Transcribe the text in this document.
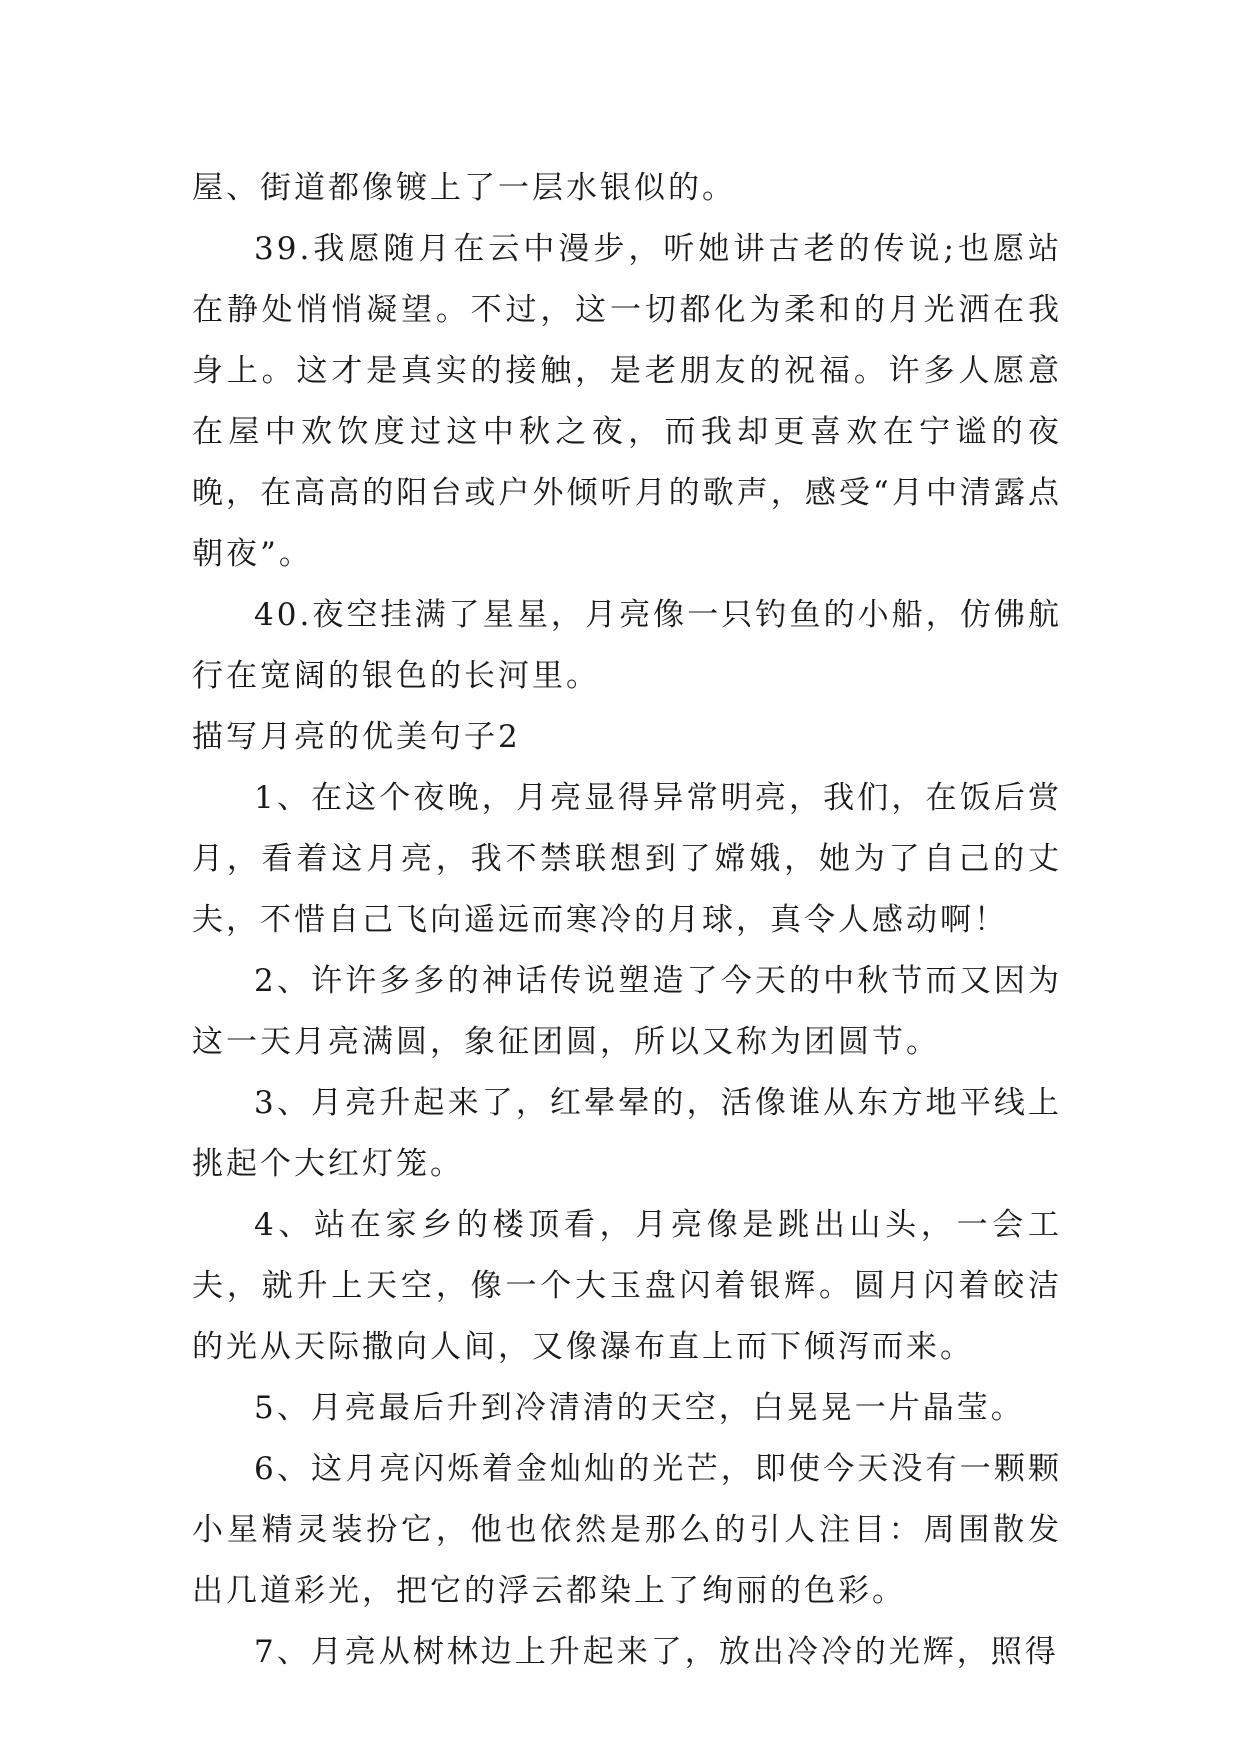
屋、街道都像镀上了一层水银似的。

39.我愿随月在云中漫步，听她讲古老的传说;也愿站在静处悄悄凝望。不过，这一切都化为柔和的月光洒在我身上。这才是真实的接触，是老朋友的祝福。许多人愿意在屋中欢饮度过这中秋之夜，而我却更喜欢在宁谧的夜晚，在高高的阳台或户外倾听月的歌声，感受“月中清露点朝夜”。

40.夜空挂满了星星，月亮像一只钓鱼的小船，仿佛航行在宽阔的银色的长河里。

描写月亮的优美句子2

1、在这个夜晚，月亮显得异常明亮，我们，在饭后赏月，看着这月亮，我不禁联想到了嫦娥，她为了自己的丈夫，不惜自己飞向遥远而寒冷的月球，真令人感动啊！

2、许许多多的神话传说塑造了今天的中秋节而又因为这一天月亮满圆，象征团圆，所以又称为团圆节。

3、月亮升起来了，红晕晕的，活像谁从东方地平线上挑起个大红灯笼。

4、站在家乡的楼顶看，月亮像是跳出山头，一会工夫，就升上天空，像一个大玉盘闪着银辉。圆月闪着皎洁的光从天际撒向人间，又像瀑布直上而下倾泻而来。

5、月亮最后升到冷清清的天空，白晃晃一片晶莹。

6、这月亮闪烁着金灿灿的光芒，即使今天没有一颗颗小星精灵装扮它，他也依然是那么的引人注目：周围散发出几道彩光，把它的浮云都染上了绚丽的色彩。

7、月亮从树林边上升起来了，放出冷冷的光辉，照得
